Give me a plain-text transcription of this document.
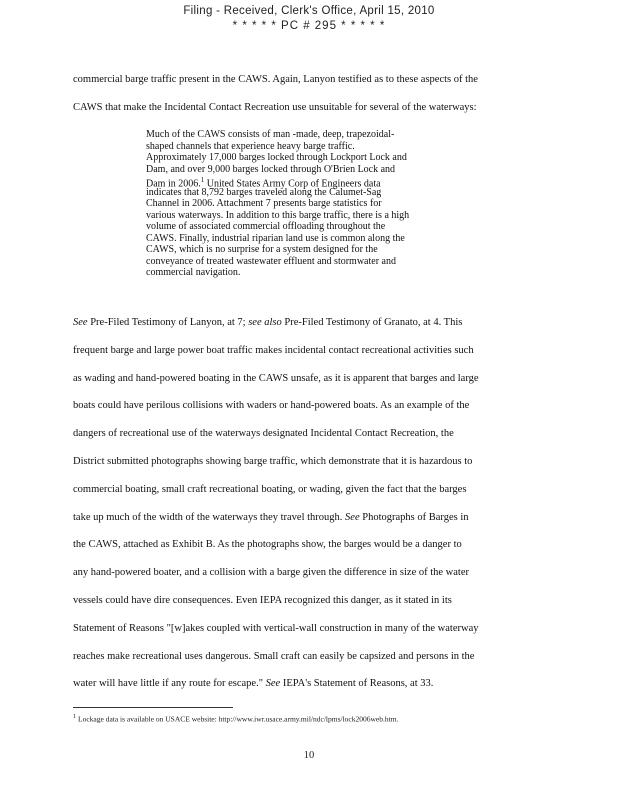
Filing - Received, Clerk's Office, April 15, 2010
* * * * * PC # 295 * * * * *
commercial barge traffic present in the CAWS. Again, Lanyon testified as to these aspects of the
CAWS that make the Incidental Contact Recreation use unsuitable for several of the waterways:
Much of the CAWS consists of man -made, deep, trapezoidal-
shaped channels that experience heavy barge traffic.
Approximately 17,000 barges locked through Lockport Lock and
Dam, and over 9,000 barges locked through O'Brien Lock and
Dam in 2006.$^1$ United States Army Corp of Engineers data
indicates that 8,792 barges traveled along the Calumet-Sag
Channel in 2006. Attachment 7 presents barge statistics for
various waterways. In addition to this barge traffic, there is a high
volume of associated commercial offloading throughout the
CAWS. Finally, industrial riparian land use is common along the
CAWS, which is no surprise for a system designed for the
conveyance of treated wastewater effluent and stormwater and
commercial navigation.
See Pre-Filed Testimony of Lanyon, at 7; see also Pre-Filed Testimony of Granato, at 4. This
frequent barge and large power boat traffic makes incidental contact recreational activities such
as wading and hand-powered boating in the CAWS unsafe, as it is apparent that barges and large
boats could have perilous collisions with waders or hand-powered boats. As an example of the
dangers of recreational use of the waterways designated Incidental Contact Recreation, the
District submitted photographs showing barge traffic, which demonstrate that it is hazardous to
commercial boating, small craft recreational boating, or wading, given the fact that the barges
take up much of the width of the waterways they travel through. See Photographs of Barges in
the CAWS, attached as Exhibit B. As the photographs show, the barges would be a danger to
any hand-powered boater, and a collision with a barge given the difference in size of the water
vessels could have dire consequences. Even IEPA recognized this danger, as it stated in its
Statement of Reasons "[w]akes coupled with vertical-wall construction in many of the waterway
reaches make recreational uses dangerous. Small craft can easily be capsized and persons in the
water will have little if any route for escape." See IEPA's Statement of Reasons, at 33.
$^1$ Lockage data is available on USACE website: http://www.iwr.usace.army.mil/ndc/lpms/lock2006web.htm.
10
